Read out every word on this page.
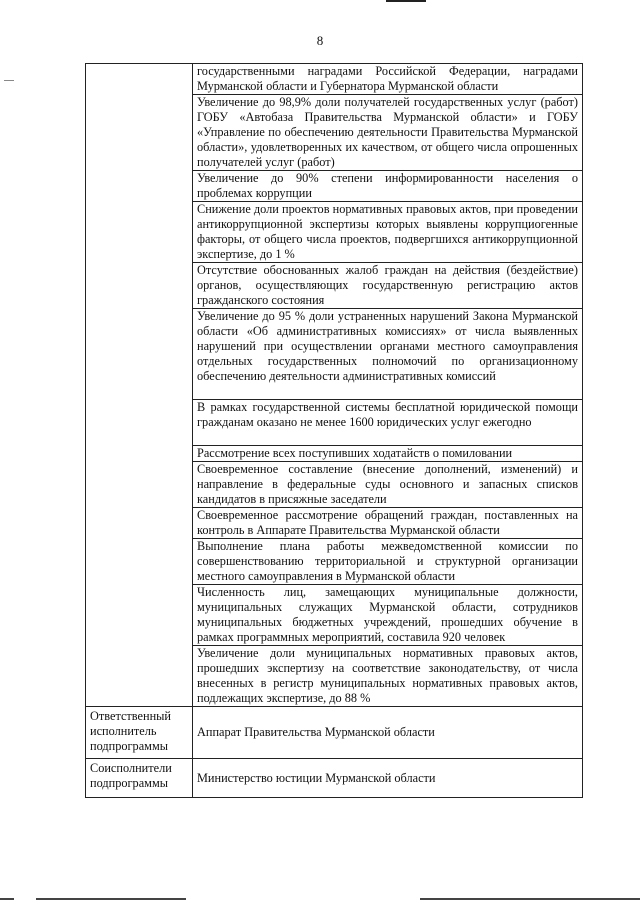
8
	государственными наградами Российской Федерации, наградами Мурманской области и Губернатора Мурманской области
	Увеличение до 98,9% доли получателей государственных услуг (работ) ГОБУ «Автобаза Правительства Мурманской области» и ГОБУ «Управление по обеспечению деятельности Правительства Мурманской области», удовлетворенных их качеством, от общего числа опрошенных получателей услуг (работ)
	Увеличение до 90% степени информированности населения о проблемах коррупции
	Снижение доли проектов нормативных правовых актов, при проведении антикоррупционной экспертизы которых выявлены коррупциогенные факторы, от общего числа проектов, подвергшихся антикоррупционной экспертизе, до 1 %
	Отсутствие обоснованных жалоб граждан на действия (бездействие) органов, осуществляющих государственную регистрацию актов гражданского состояния
	Увеличение до 95 % доли устраненных нарушений Закона Мурманской области «Об административных комиссиях» от числа выявленных нарушений при осуществлении органами местного самоуправления отдельных государственных полномочий по организационному обеспечению деятельности административных комиссий
	В рамках государственной системы бесплатной юридической помощи гражданам оказано не менее 1600 юридических услуг ежегодно
	Рассмотрение всех поступивших ходатайств о помиловании
	Своевременное составление (внесение дополнений, изменений) и направление в федеральные суды основного и запасных списков кандидатов в присяжные заседатели
	Своевременное рассмотрение обращений граждан, поставленных на контроль в Аппарате Правительства Мурманской области
	Выполнение плана работы межведомственной комиссии по совершенствованию территориальной и структурной организации местного самоуправления в Мурманской области
	Численность лиц, замещающих муниципальные должности, муниципальных служащих Мурманской области, сотрудников муниципальных бюджетных учреждений, прошедших обучение в рамках программных мероприятий, составила 920 человек
	Увеличение доли муниципальных нормативных правовых актов, прошедших экспертизу на соответствие законодательству, от числа внесенных в регистр муниципальных нормативных правовых актов, подлежащих экспертизе, до 88 %
Ответственный исполнитель подпрограммы	Аппарат Правительства Мурманской области
Соисполнители подпрограммы	Министерство юстиции Мурманской области
